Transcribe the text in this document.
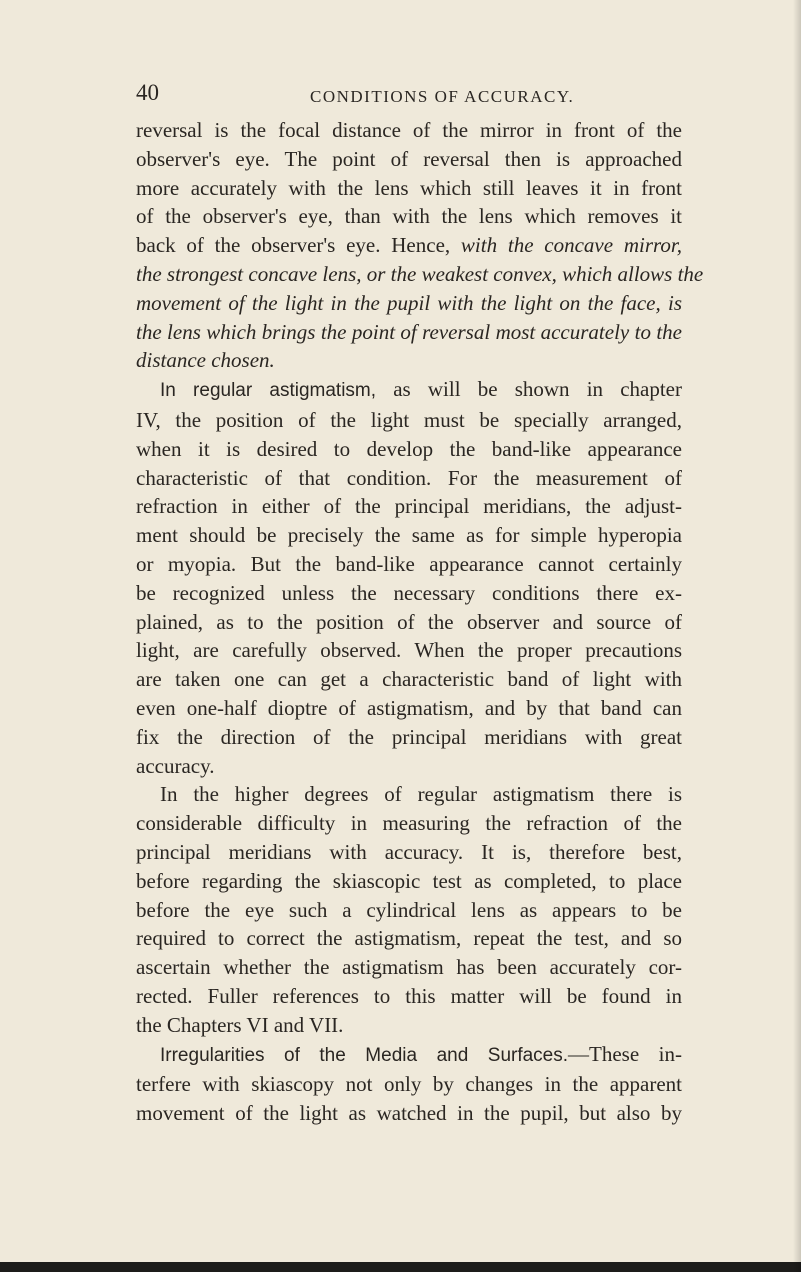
40	CONDITIONS OF ACCURACY.
reversal is the focal distance of the mirror in front of the
observer's eye. The point of reversal then is approached
more accurately with the lens which still leaves it in front
of the observer's eye, than with the lens which removes it
back of the observer's eye. Hence, with the concave mirror,
the strongest concave lens, or the weakest convex, which allows the
movement of the light in the pupil with the light on the face, is
the lens which brings the point of reversal most accurately to the
distance chosen.
In regular astigmatism, as will be shown in chapter
IV, the position of the light must be specially arranged,
when it is desired to develop the band-like appearance
characteristic of that condition. For the measurement of
refraction in either of the principal meridians, the adjust-
ment should be precisely the same as for simple hyperopia
or myopia. But the band-like appearance cannot certainly
be recognized unless the necessary conditions there ex-
plained, as to the position of the observer and source of
light, are carefully observed. When the proper precautions
are taken one can get a characteristic band of light with
even one-half dioptre of astigmatism, and by that band can
fix the direction of the principal meridians with great
accuracy.
In the higher degrees of regular astigmatism there is
considerable difficulty in measuring the refraction of the
principal meridians with accuracy. It is, therefore best,
before regarding the skiascopic test as completed, to place
before the eye such a cylindrical lens as appears to be
required to correct the astigmatism, repeat the test, and so
ascertain whether the astigmatism has been accurately cor-
rected. Fuller references to this matter will be found in
the Chapters VI and VII.
Irregularities of the Media and Surfaces.—These in-
terfere with skiascopy not only by changes in the apparent
movement of the light as watched in the pupil, but also by
